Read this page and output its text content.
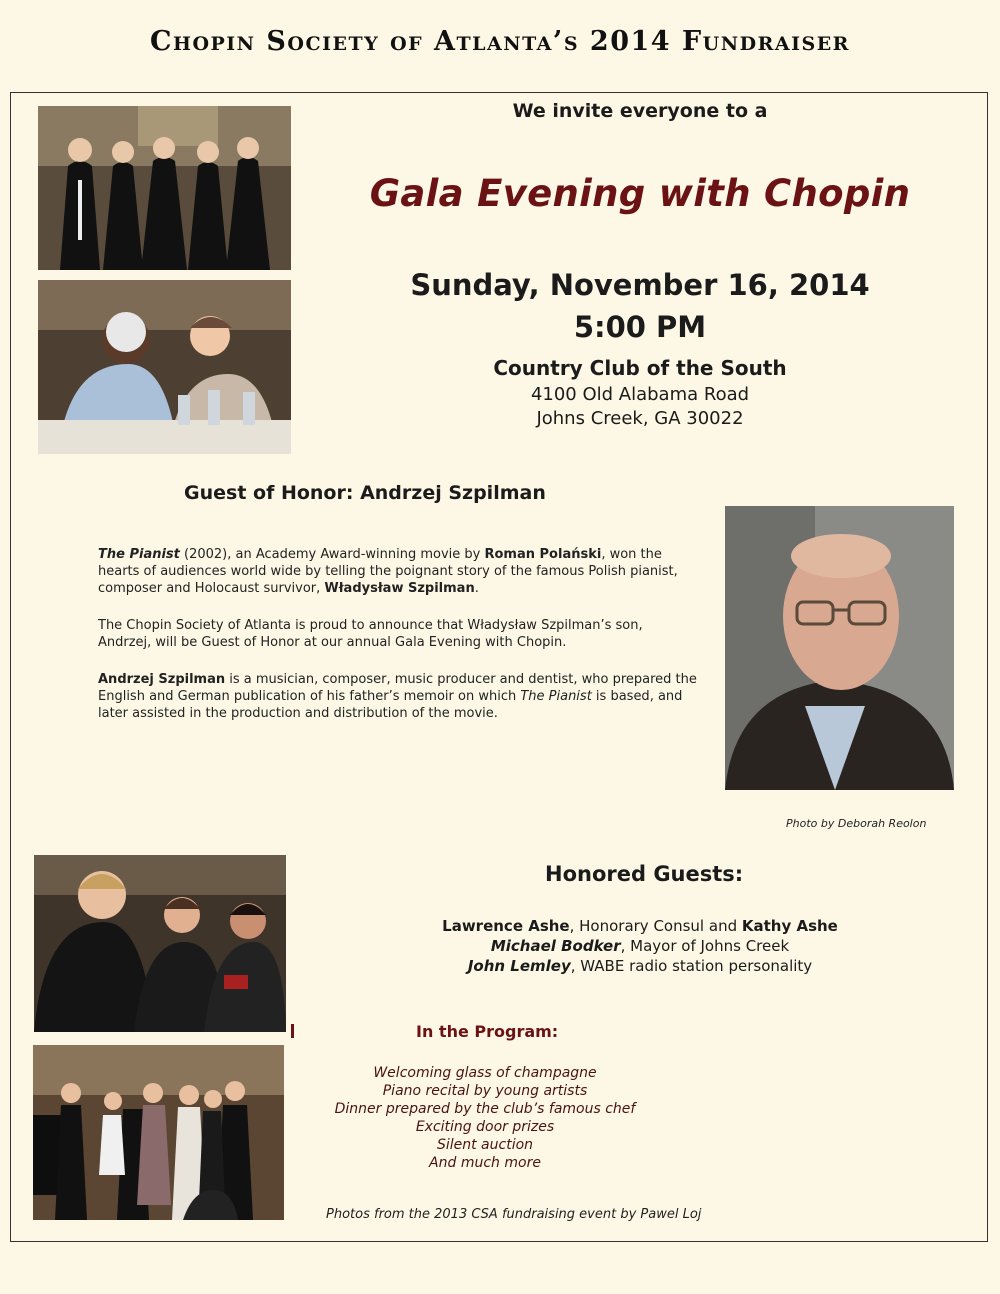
Chopin Society of Atlanta’s 2014 Fundraiser
We invite everyone to a
Gala Evening with Chopin
Sunday, November 16, 2014
5:00 PM
Country Club of the South
4100 Old Alabama Road
Johns Creek, GA 30022
Guest of Honor: Andrzej Szpilman
The Pianist (2002), an Academy Award-winning movie by Roman Polański, won the hearts of audiences world wide by telling the poignant story of the famous Polish pianist, composer and Holocaust survivor, Władysław Szpilman.
The Chopin Society of Atlanta is proud to announce that Władysław Szpilman’s son, Andrzej, will be Guest of Honor at our annual Gala Evening with Chopin.
Andrzej Szpilman is a musician, composer, music producer and dentist, who prepared the English and German publication of his father’s memoir on which The Pianist is based, and later assisted in the production and distribution of the movie.
Photo by Deborah Reolon
Honored Guests:
Lawrence Ashe, Honorary Consul and Kathy Ashe
Michael Bodker, Mayor of Johns Creek
John Lemley, WABE radio station personality
In the Program:
Welcoming glass of champagne
Piano recital by young artists
Dinner prepared by the club’s famous chef
Exciting door prizes
Silent auction
And much more
Photos from the 2013 CSA fundraising event by Pawel Loj
